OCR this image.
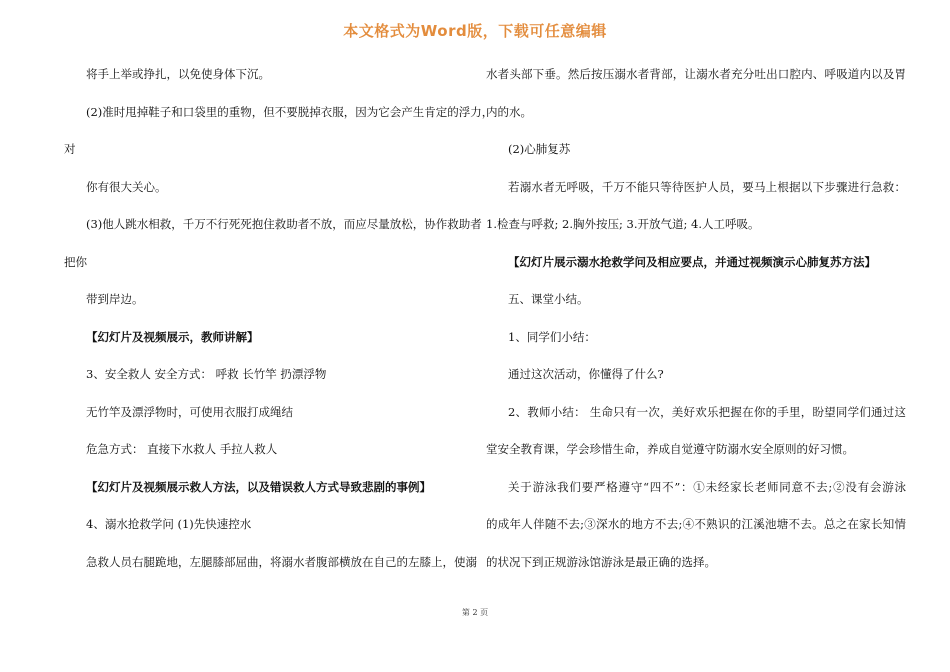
本文格式为Word版，下载可任意编辑
将手上举或挣扎，以免使身体下沉。
(2)准时甩掉鞋子和口袋里的重物，但不要脱掉衣服，因为它会产生肯定的浮力，
对
你有很大关心。
(3)他人跳水相救，千万不行死死抱住救助者不放，而应尽量放松，协作救助者
把你
带到岸边。
【幻灯片及视频展示，教师讲解】
3、安全救人 安全方式： 呼救 长竹竿 扔漂浮物
无竹竿及漂浮物时，可使用衣服打成绳结
危急方式： 直接下水救人 手拉人救人
【幻灯片及视频展示救人方法，以及错误救人方式导致悲剧的事例】
4、溺水抢救学问 (1)先快速控水
急救人员右腿跪地，左腿膝部屈曲，将溺水者腹部横放在自己的左膝上，使溺
水者头部下垂。然后按压溺水者背部，让溺水者充分吐出口腔内、呼吸道内以及胃
内的水。
(2)心肺复苏
若溺水者无呼吸，千万不能只等待医护人员，要马上根据以下步骤进行急救：
1.检查与呼救; 2.胸外按压; 3.开放气道; 4.人工呼吸。
【幻灯片展示溺水抢救学问及相应要点，并通过视频演示心肺复苏方法】
五、课堂小结。
1、同学们小结：
通过这次活动，你懂得了什么?
2、教师小结： 生命只有一次，美好欢乐把握在你的手里，盼望同学们通过这
堂安全教育课，学会珍惜生命，养成自觉遵守防溺水安全原则的好习惯。
关于游泳我们要严格遵守“四不”：①未经家长老师同意不去;②没有会游泳
的成年人伴随不去;③深水的地方不去;④不熟识的江溪池塘不去。总之在家长知情
的状况下到正规游泳馆游泳是最正确的选择。
第 2 页
